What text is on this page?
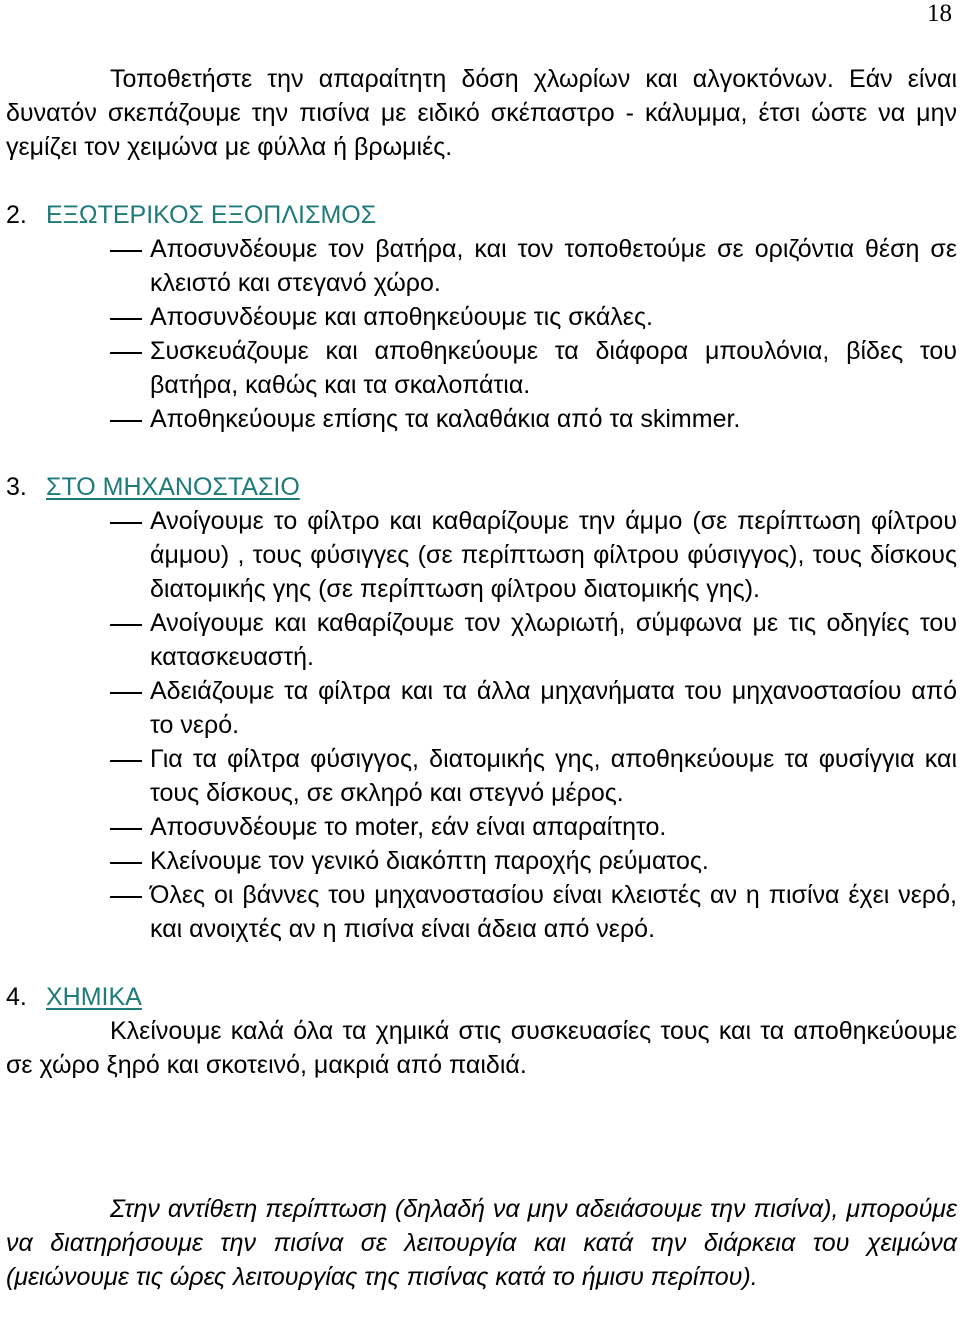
18

Τοποθετήστε την απαραίτητη δόση χλωρίων και αλγοκτόνων. Εάν είναι δυνατόν σκεπάζουμε την πισίνα με ειδικό σκέπαστρο - κάλυμμα, έτσι ώστε να μην γεμίζει τον χειμώνα με φύλλα ή βρωμιές.

2. ΕΞΩΤΕΡΙΚΟΣ ΕΞΟΠΛΙΣΜΟΣ
Αποσυνδέουμε τον βατήρα, και τον τοποθετούμε σε οριζόντια θέση σε κλειστό και στεγανό χώρο.
Αποσυνδέουμε και αποθηκεύουμε τις σκάλες.
Συσκευάζουμε και αποθηκεύουμε τα διάφορα μπουλόνια, βίδες του βατήρα, καθώς και τα σκαλοπάτια.
Αποθηκεύουμε επίσης τα καλαθάκια από τα skimmer.
3. ΣΤΟ ΜΗΧΑΝΟΣΤΑΣΙΟ
Ανοίγουμε το φίλτρο και καθαρίζουμε την άμμο (σε περίπτωση φίλτρου άμμου) , τους φύσιγγες (σε περίπτωση φίλτρου φύσιγγος), τους δίσκους διατομικής γης (σε περίπτωση φίλτρου διατομικής γης).
Ανοίγουμε και καθαρίζουμε τον χλωριωτή, σύμφωνα με τις οδηγίες του κατασκευαστή.
Αδειάζουμε τα φίλτρα και τα άλλα μηχανήματα του μηχανοστασίου από το νερό.
Για τα φίλτρα φύσιγγος, διατομικής γης, αποθηκεύουμε τα φυσίγγια και τους δίσκους, σε σκληρό και στεγνό μέρος.
Αποσυνδέουμε το moter, εάν είναι απαραίτητο.
Κλείνουμε τον γενικό διακόπτη παροχής ρεύματος.
Όλες οι βάννες του μηχανοστασίου είναι κλειστές αν η πισίνα έχει νερό, και ανοιχτές αν η πισίνα είναι άδεια από νερό.
4. ΧΗΜΙΚΑ

Κλείνουμε καλά όλα τα χημικά στις συσκευασίες τους και τα αποθηκεύουμε σε χώρο ξηρό και σκοτεινό, μακριά από παιδιά.

Στην αντίθετη περίπτωση (δηλαδή να μην αδειάσουμε την πισίνα), μπορούμε να διατηρήσουμε την πισίνα σε λειτουργία και κατά την διάρκεια του χειμώνα (μειώνουμε τις ώρες λειτουργίας της πισίνας κατά το ήμισυ περίπου).
